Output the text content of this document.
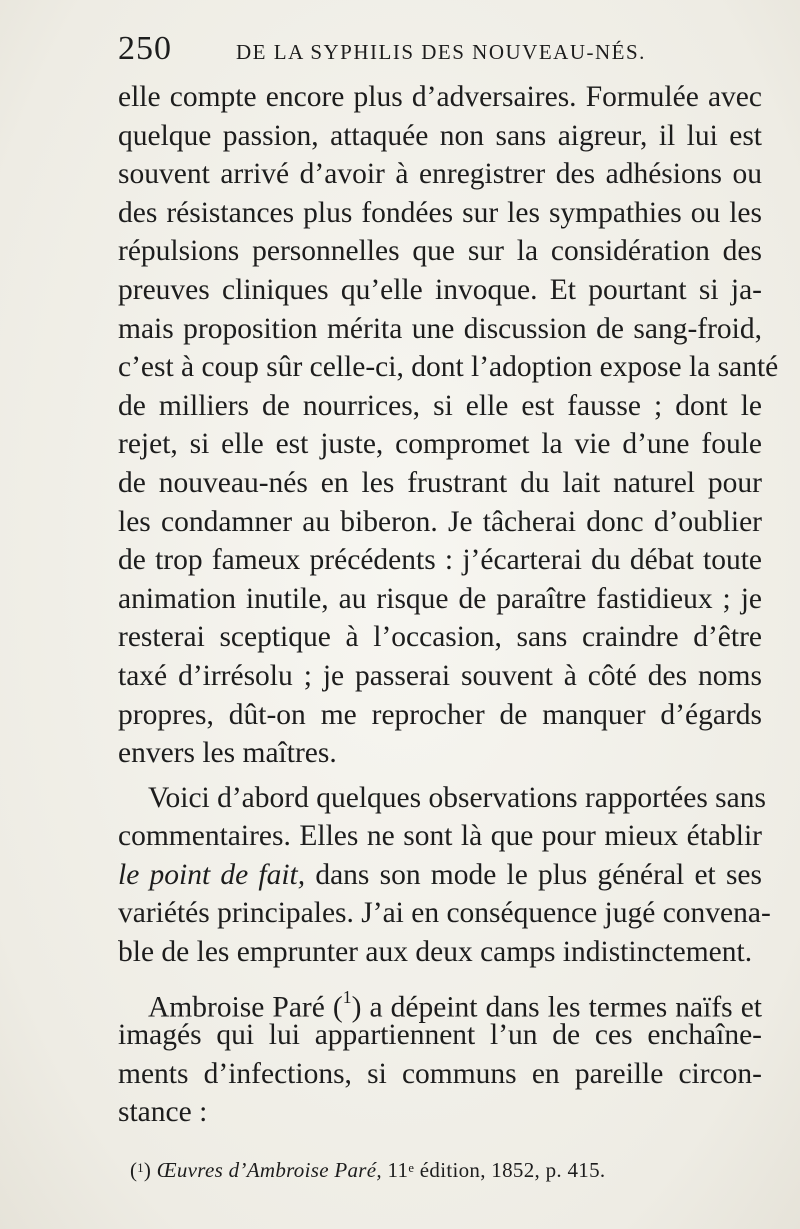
250	DE LA SYPHILIS DES NOUVEAU-NÉS.
elle compte encore plus d’adversaires. Formulée avec
quelque passion, attaquée non sans aigreur, il lui est
souvent arrivé d’avoir à enregistrer des adhésions ou
des résistances plus fondées sur les sympathies ou les
répulsions personnelles que sur la considération des
preuves cliniques qu’elle invoque. Et pourtant si ja-
mais proposition mérita une discussion de sang-froid,
c’est à coup sûr celle-ci, dont l’adoption expose la santé
de milliers de nourrices, si elle est fausse ; dont le
rejet, si elle est juste, compromet la vie d’une foule
de nouveau-nés en les frustrant du lait naturel pour
les condamner au biberon. Je tâcherai donc d’oublier
de trop fameux précédents : j’écarterai du débat toute
animation inutile, au risque de paraître fastidieux ; je
resterai sceptique à l’occasion, sans craindre d’être
taxé d’irrésolu ; je passerai souvent à côté des noms
propres, dût-on me reprocher de manquer d’égards
envers les maîtres.
Voici d’abord quelques observations rapportées sans
commentaires. Elles ne sont là que pour mieux établir
le point de fait, dans son mode le plus général et ses
variétés principales. J’ai en conséquence jugé convena-
ble de les emprunter aux deux camps indistinctement.
Ambroise Paré ($^1$) a dépeint dans les termes naïfs et
imagés qui lui appartiennent l’un de ces enchaîne-
ments d’infections, si communs en pareille circon-
stance :
($^1$) Œuvres d’Ambroise Paré, 11e édition, 1852, p. 415.
